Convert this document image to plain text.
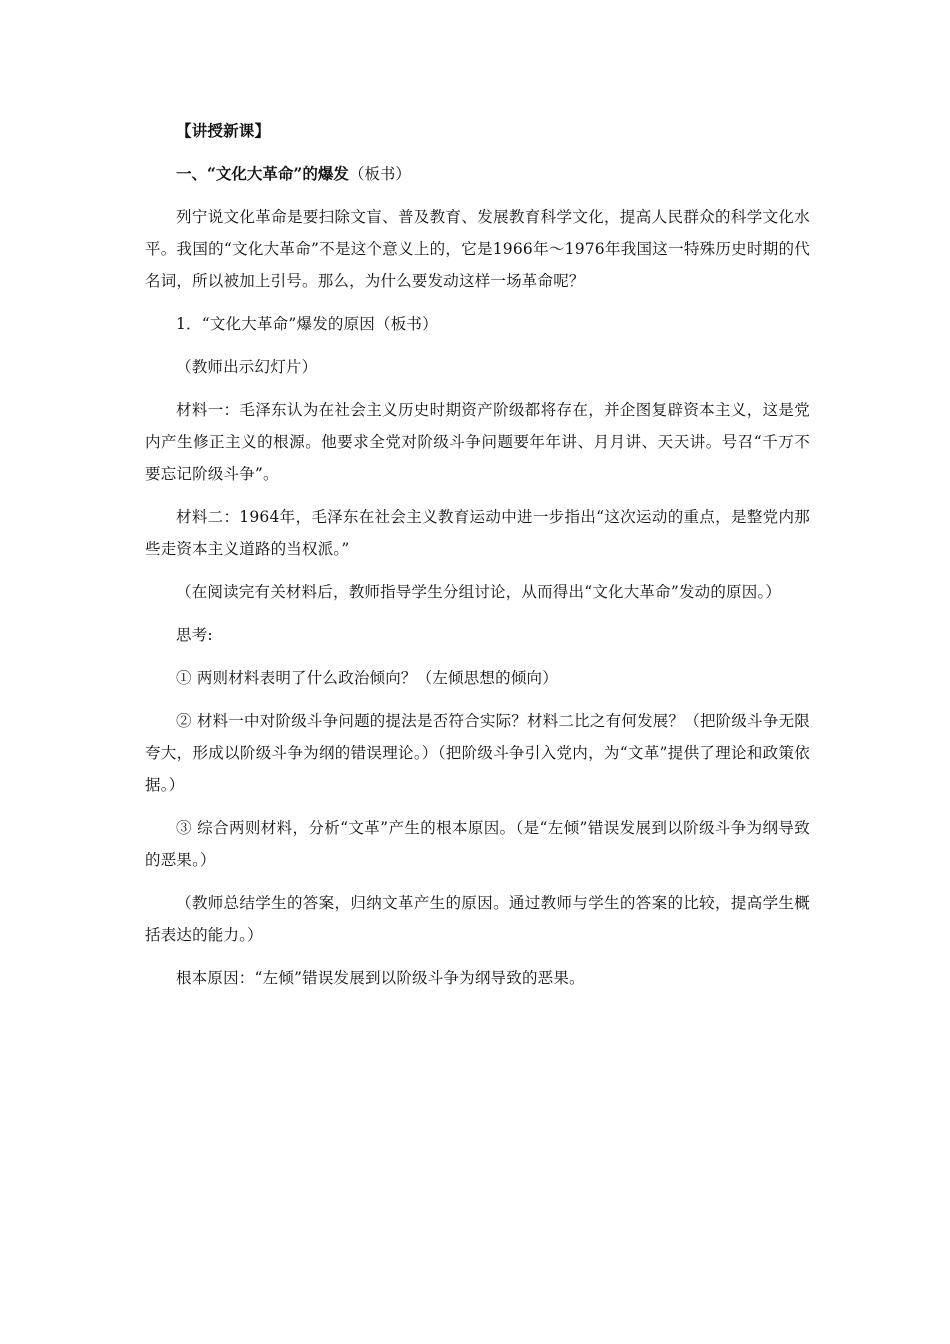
【讲授新课】

一、“文化大革命”的爆发（板书）

列宁说文化革命是要扫除文盲、普及教育、发展教育科学文化，提高人民群众的科学文化水平。我国的“文化大革命”不是这个意义上的，它是1966年～1976年我国这一特殊历史时期的代名词，所以被加上引号。那么，为什么要发动这样一场革命呢？

1．“文化大革命”爆发的原因（板书）

（教师出示幻灯片）

材料一：毛泽东认为在社会主义历史时期资产阶级都将存在，并企图复辟资本主义，这是党内产生修正主义的根源。他要求全党对阶级斗争问题要年年讲、月月讲、天天讲。号召“千万不要忘记阶级斗争”。

材料二：1964年，毛泽东在社会主义教育运动中进一步指出“这次运动的重点，是整党内那些走资本主义道路的当权派。”

（在阅读完有关材料后，教师指导学生分组讨论，从而得出“文化大革命”发动的原因。）

思考:

① 两则材料表明了什么政治倾向？（左倾思想的倾向）

② 材料一中对阶级斗争问题的提法是否符合实际？材料二比之有何发展？（把阶级斗争无限夸大，形成以阶级斗争为纲的错误理论。）（把阶级斗争引入党内，为“文革”提供了理论和政策依据。）

③ 综合两则材料，分析“文革”产生的根本原因。（是“左倾”错误发展到以阶级斗争为纲导致的恶果。）

（教师总结学生的答案，归纳文革产生的原因。通过教师与学生的答案的比较，提高学生概括表达的能力。）

根本原因：“左倾”错误发展到以阶级斗争为纲导致的恶果。
